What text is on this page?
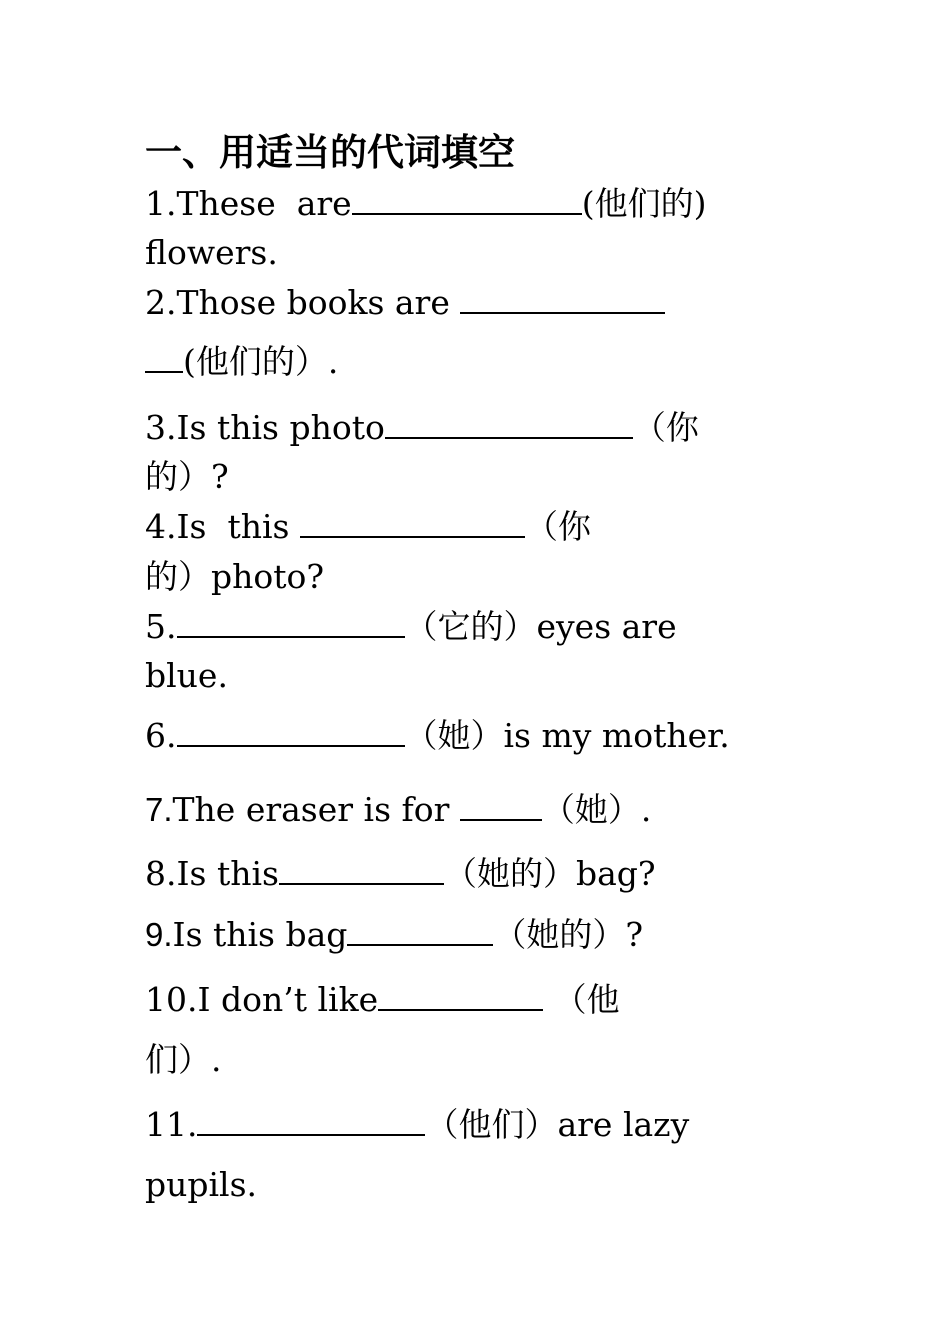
一、用适当的代词填空
1.These  are	(他们的)
flowers.
2.Those books are
(他们的）.
3.Is this photo	（你
的）?
4.Is  this	（你
的）photo?
5.	（它的）eyes are
blue.
6.	（她）is my mother.
7.The eraser is for （她）.
8.Is this	（她的）bag?
9.Is this bag	（她的）?
10.I don’t like	（他
们）.
11.	（他们）are lazy
pupils.
